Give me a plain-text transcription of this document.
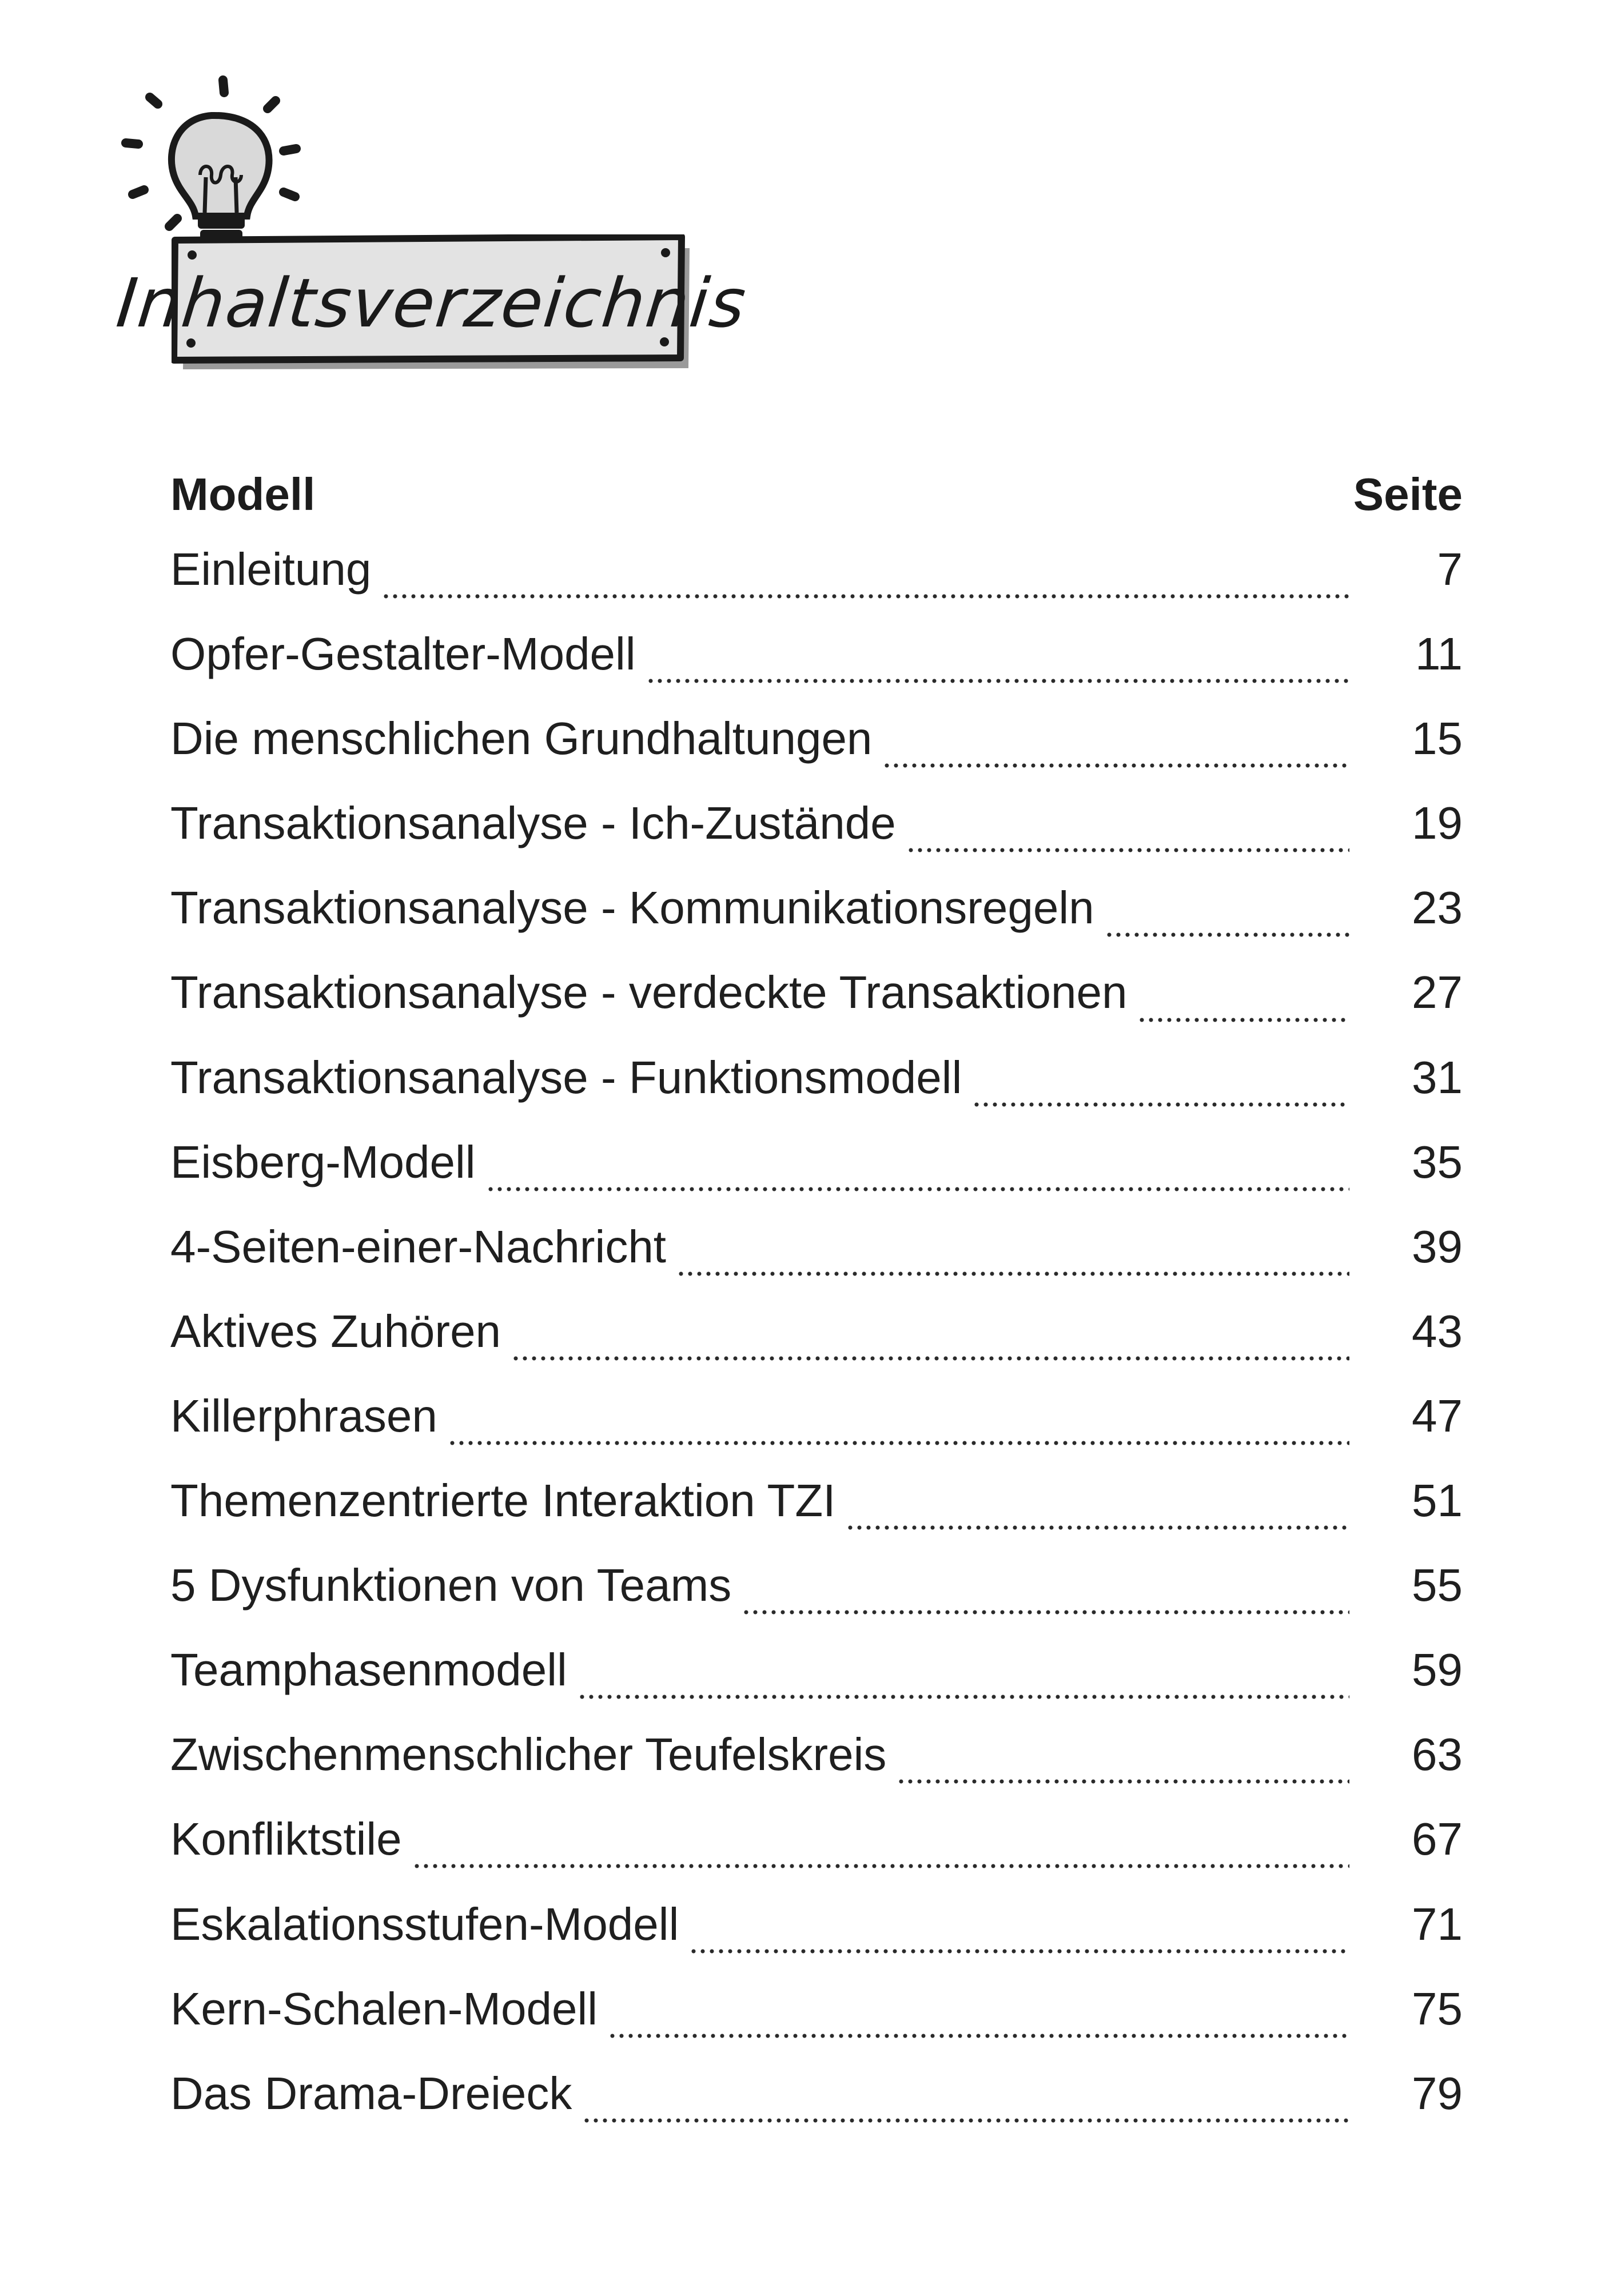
Inhaltsverzeichnis
Modell	Seite
Einleitung	7
Opfer-Gestalter-Modell	11
Die menschlichen Grundhaltungen	15
Transaktionsanalyse - Ich-Zustände	19
Transaktionsanalyse - Kommunikationsregeln	23
Transaktionsanalyse - verdeckte Transaktionen	27
Transaktionsanalyse - Funktionsmodell	31
Eisberg-Modell	35
4-Seiten-einer-Nachricht	39
Aktives Zuhören	43
Killerphrasen	47
Themenzentrierte Interaktion TZI	51
5 Dysfunktionen von Teams	55
Teamphasenmodell	59
Zwischenmenschlicher Teufelskreis	63
Konfliktstile	67
Eskalationsstufen-Modell	71
Kern-Schalen-Modell	75
Das Drama-Dreieck	79
